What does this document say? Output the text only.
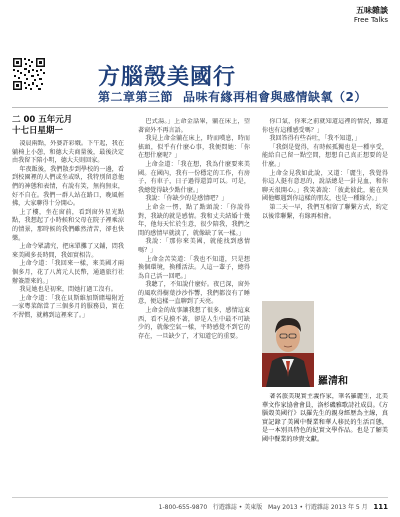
五味雜談
Free Talks
方腦殼美國行
第二章第三節 品味有緣再相會與感情缺氧（2）
二 00 五年元月
十七日星期一

凌晨兩點，外婆許彩娥。下午起，我在躺椅上小憩，和德大夫商量後，最後決定由我留下陪小明，德大夫則回家。

年夜飯後，我們散步到學校的一邊，看到校園裡的人們或坐或臥，我特別留意他們的神態和表情，有說有笑，無拘無束，好不自在。我們一群人站在路口，晚風輕拂，大家聊得十分開心。

上了樓，坐在窗前，看到窗外星光點點，我想起了小時候和父母在院子裡乘涼的情景，那時候的我們雖然清苦，卻也快樂。

上命令眾講究，把床單攤了又鋪，問我來美國多長時間，我如實相告。

上命令道：「我回來一樣，來美國才兩個多月，花了八萬元人民幣，通過旅行社辦簽證來的。」

我見她也是初來，問她打過工沒有。

上命令道：「我在貝斯維加斯賭場附近一家粵菜館當了三個多月的服務員，實在不習慣，就轉到這裡來了。」

巴式湯。」上命金話畢，躺在床上，望著窗外不再言語。

我見上命金躺在床上，時而嘆息，時而搖頭，似乎有什麼心事，我便問她：「你在想什麼呢？」

上命金道：「我在想，我為什麼要來美國。在國內，我有一份穩定的工作，有房子，有車子，日子過得還算可以。可是，我總覺得缺少點什麼。」

我說：「你缺少的是感情吧？」

上命金一愣，點了點頭說：「你說得對，我缺的就是感情。我和丈夫結婚十幾年，他每天忙於生意，很少陪我，我們之間的感情早就淡了，就像缺了氧一樣。」

我說：「那你來美國，就能找到感情嗎？」

上命金苦笑道：「我也不知道，只是想換個環境，換種活法。人這一輩子，總得為自己活一回吧。」

我聽了，不知說什麼好。夜已深，窗外的風吹得樹葉沙沙作響，我們都沒有了睡意，便這樣一直聊到了天亮。

上命金的故事讓我想了很多，感情這東西，看不見摸不著，卻是人生中最不可缺少的，就像空氣一樣，平時感覺不到它的存在，一旦缺少了，才知道它的重要。

你口氣，你來之前就知道這裡的情況，難道你也有這種感受嗎？」

我回答得有些吞吐，「我不知道，」

「我倒是覺得，有時候孤獨也是一種享受，能給自己留一點空間，想想自己真正想要的是什麼。」

上命金見我如此說，又道：「麗生，我覺得你這人挺有意思的，說話總是一針見血，和你聊天很開心。」我笑著說：「彼此彼此，能在異國他鄉遇到你這樣的朋友，也是一種緣分。」

第二天一早，我們互相留了聯繫方式，約定以後常聯繫，有緣再相會。

羅清和

著名旅美現實主義作家，筆名羅麗生，北美華文作家協會會員，洛杉磯雅歌詩社成員。《方腦殼美國行》以羅先生的親身經歷為主線，真實記錄了美國中餐業和華人移民的生活百態，是一本別具特色的紀實文學作品。也是了解美國中餐業的珍貴文獻。

1-800-655-9870 行遊雜誌 • 美東版 May 2013 • 行遊雜誌 2013 年 5 月 111
